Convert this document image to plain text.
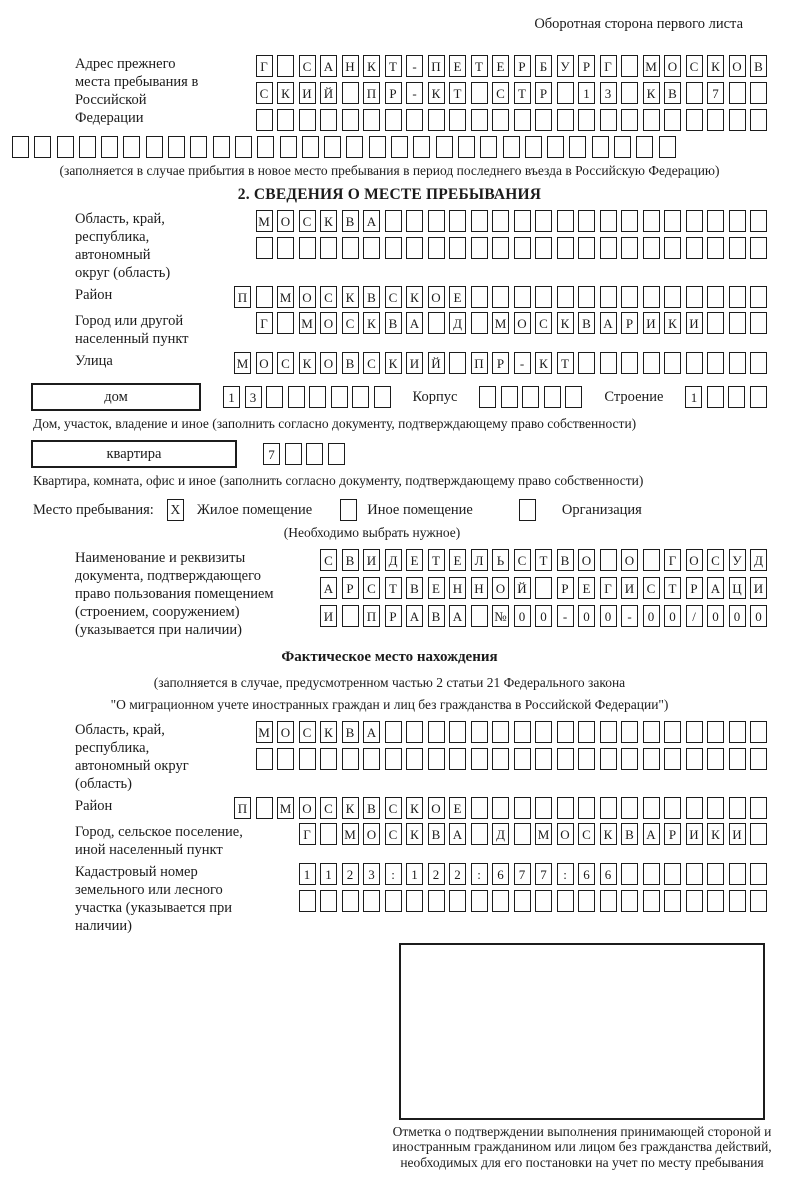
Оборотная сторона первого листа
Адрес прежнего места пребывания в Российской Федерации
Г	С А Н К	Т	-	П Е	Т	Е	Р	Б	У	Р	Г	М О С К О В
С К И Й	П	Р	-	К	Т	С	Т	Р	1	3	К В	7
(заполняется в случае прибытия в новое место пребывания в период последнего въезда в Российскую Федерацию)
2. СВЕДЕНИЯ О МЕСТЕ ПРЕБЫВАНИЯ
Область, край, республика, автономный округ (область)
М О С К В А
Район	П	М О С К В С К О Е
Город или другой населенный пункт
Г	М О С К В А	Д	М О С К В А	Р	И К И
Улица	М О С К О В С К И Й	П	Р	-	К	Т
дом	1	3	Корпус	Строение	1
Дом, участок, владение и иное (заполнить согласно документу, подтверждающему право собственности)
квартира	7
Квартира, комната, офис и иное (заполнить согласно документу, подтверждающему право собственности)
Место пребывания: X Жилое помещение	Иное помещение	Организация
(Необходимо выбрать нужное)
Наименование и реквизиты документа, подтверждающего право пользования помещением (строением, сооружением) (указывается при наличии)
С В И Д	Е	Т	Е	Л	Ь	С	Т	В О	О	Г	О С У Д
А	Р	С	Т	В	Е Н Н О Й	Р	Е	Г	И С	Т	Р	А Ц И
И	П	Р	А В А № 0	0	-	0	0	-	0	0	/	0	0	0
Фактическое место нахождения
(заполняется в случае, предусмотренном частью 2 статьи 21 Федерального закона
"О миграционном учете иностранных граждан и лиц без гражданства в Российской Федерации")
Область, край, республика, автономный округ (область)
М О С К В А
Район	П	М О С К В С К О Е
Город, сельское поселение, иной населенный пункт
Г	М О С К В А	Д	М О С К В А	Р	И К И
Кадастровый номер земельного или лесного участка (указывается при наличии)
1	1	2	3	:	1	2	2	:	6	7	7	:	6	6
Отметка о подтверждении выполнения принимающей стороной и иностранным гражданином или лицом без гражданства действий, необходимых для его постановки на учет по месту пребывания
